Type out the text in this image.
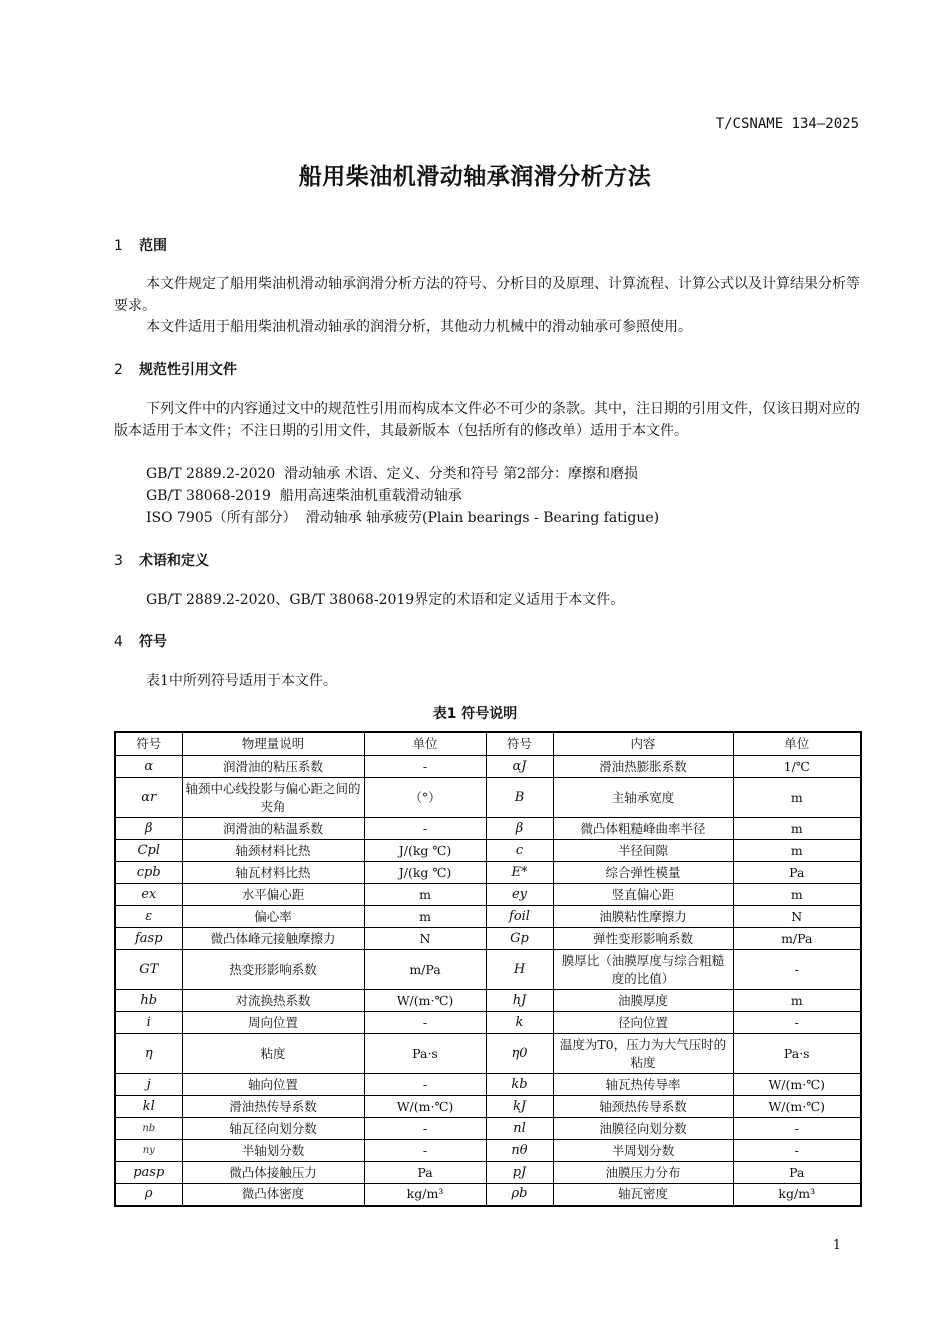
T/CSNAME 134—2025
船用柴油机滑动轴承润滑分析方法
1 范围
本文件规定了船用柴油机滑动轴承润滑分析方法的符号、分析目的及原理、计算流程、计算公式以及计算结果分析等要求。
本文件适用于船用柴油机滑动轴承的润滑分析，其他动力机械中的滑动轴承可参照使用。
2 规范性引用文件
下列文件中的内容通过文中的规范性引用而构成本文件必不可少的条款。其中，注日期的引用文件，仅该日期对应的版本适用于本文件；不注日期的引用文件，其最新版本（包括所有的修改单）适用于本文件。
GB/T 2889.2-2020  滑动轴承 术语、定义、分类和符号 第2部分：摩擦和磨损
GB/T 38068-2019  船用高速柴油机重载滑动轴承
ISO 7905（所有部分）  滑动轴承 轴承疲劳(Plain bearings - Bearing fatigue)
3 术语和定义
GB/T 2889.2-2020、GB/T 38068-2019界定的术语和定义适用于本文件。
4 符号
表1中所列符号适用于本文件。
表1 符号说明
符号	物理量说明	单位	符号	内容	单位
α	润滑油的粘压系数	-	αJ	滑油热膨胀系数	1/℃
αr	轴颈中心线投影与偏心距之间的夹角	（°）	B	主轴承宽度	m
β	润滑油的粘温系数	-	β	微凸体粗糙峰曲率半径	m
Cpl	轴颈材料比热	J/(kg ℃)	c	半径间隙	m
cpb	轴瓦材料比热	J/(kg ℃)	E*	综合弹性模量	Pa
ex	水平偏心距	m	ey	竖直偏心距	m
ε	偏心率	m	foil	油膜粘性摩擦力	N
fasp	微凸体峰元接触摩擦力	N	Gp	弹性变形影响系数	m/Pa
GT	热变形影响系数	m/Pa	H	膜厚比（油膜厚度与综合粗糙度的比值）	-
hb	对流换热系数	W/(m·℃)	hJ	油膜厚度	m
i	周向位置	-	k	径向位置	-
η	粘度	Pa·s	η0	温度为T0，压力为大气压时的粘度	Pa·s
j	轴向位置	-	kb	轴瓦热传导率	W/(m·℃)
kl	滑油热传导系数	W/(m·℃)	kJ	轴颈热传导系数	W/(m·℃)
nb	轴瓦径向划分数	-	nl	油膜径向划分数	-
ny	半轴划分数	-	nθ	半周划分数	-
pasp	微凸体接触压力	Pa	pJ	油膜压力分布	Pa
ρ	微凸体密度	kg/m³	ρb	轴瓦密度	kg/m³
1
